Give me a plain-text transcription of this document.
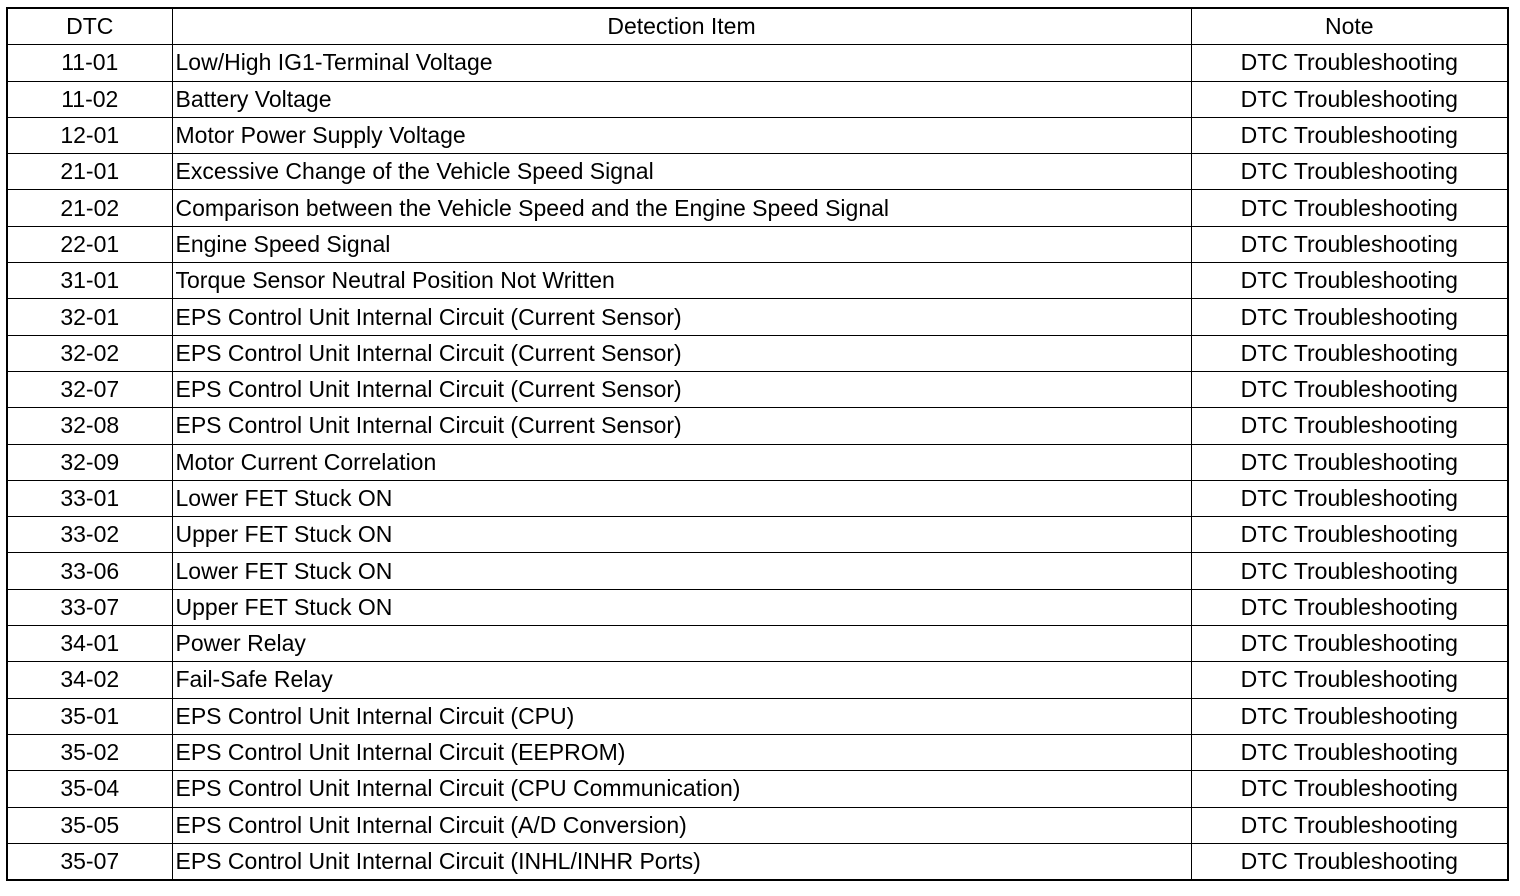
DTC	Detection Item	Note
11-01	Low/High IG1-Terminal Voltage	DTC Troubleshooting
11-02	Battery Voltage	DTC Troubleshooting
12-01	Motor Power Supply Voltage	DTC Troubleshooting
21-01	Excessive Change of the Vehicle Speed Signal	DTC Troubleshooting
21-02	Comparison between the Vehicle Speed and the Engine Speed Signal	DTC Troubleshooting
22-01	Engine Speed Signal	DTC Troubleshooting
31-01	Torque Sensor Neutral Position Not Written	DTC Troubleshooting
32-01	EPS Control Unit Internal Circuit (Current Sensor)	DTC Troubleshooting
32-02	EPS Control Unit Internal Circuit (Current Sensor)	DTC Troubleshooting
32-07	EPS Control Unit Internal Circuit (Current Sensor)	DTC Troubleshooting
32-08	EPS Control Unit Internal Circuit (Current Sensor)	DTC Troubleshooting
32-09	Motor Current Correlation	DTC Troubleshooting
33-01	Lower FET Stuck ON	DTC Troubleshooting
33-02	Upper FET Stuck ON	DTC Troubleshooting
33-06	Lower FET Stuck ON	DTC Troubleshooting
33-07	Upper FET Stuck ON	DTC Troubleshooting
34-01	Power Relay	DTC Troubleshooting
34-02	Fail-Safe Relay	DTC Troubleshooting
35-01	EPS Control Unit Internal Circuit (CPU)	DTC Troubleshooting
35-02	EPS Control Unit Internal Circuit (EEPROM)	DTC Troubleshooting
35-04	EPS Control Unit Internal Circuit (CPU Communication)	DTC Troubleshooting
35-05	EPS Control Unit Internal Circuit (A/D Conversion)	DTC Troubleshooting
35-07	EPS Control Unit Internal Circuit (INHL/INHR Ports)	DTC Troubleshooting
